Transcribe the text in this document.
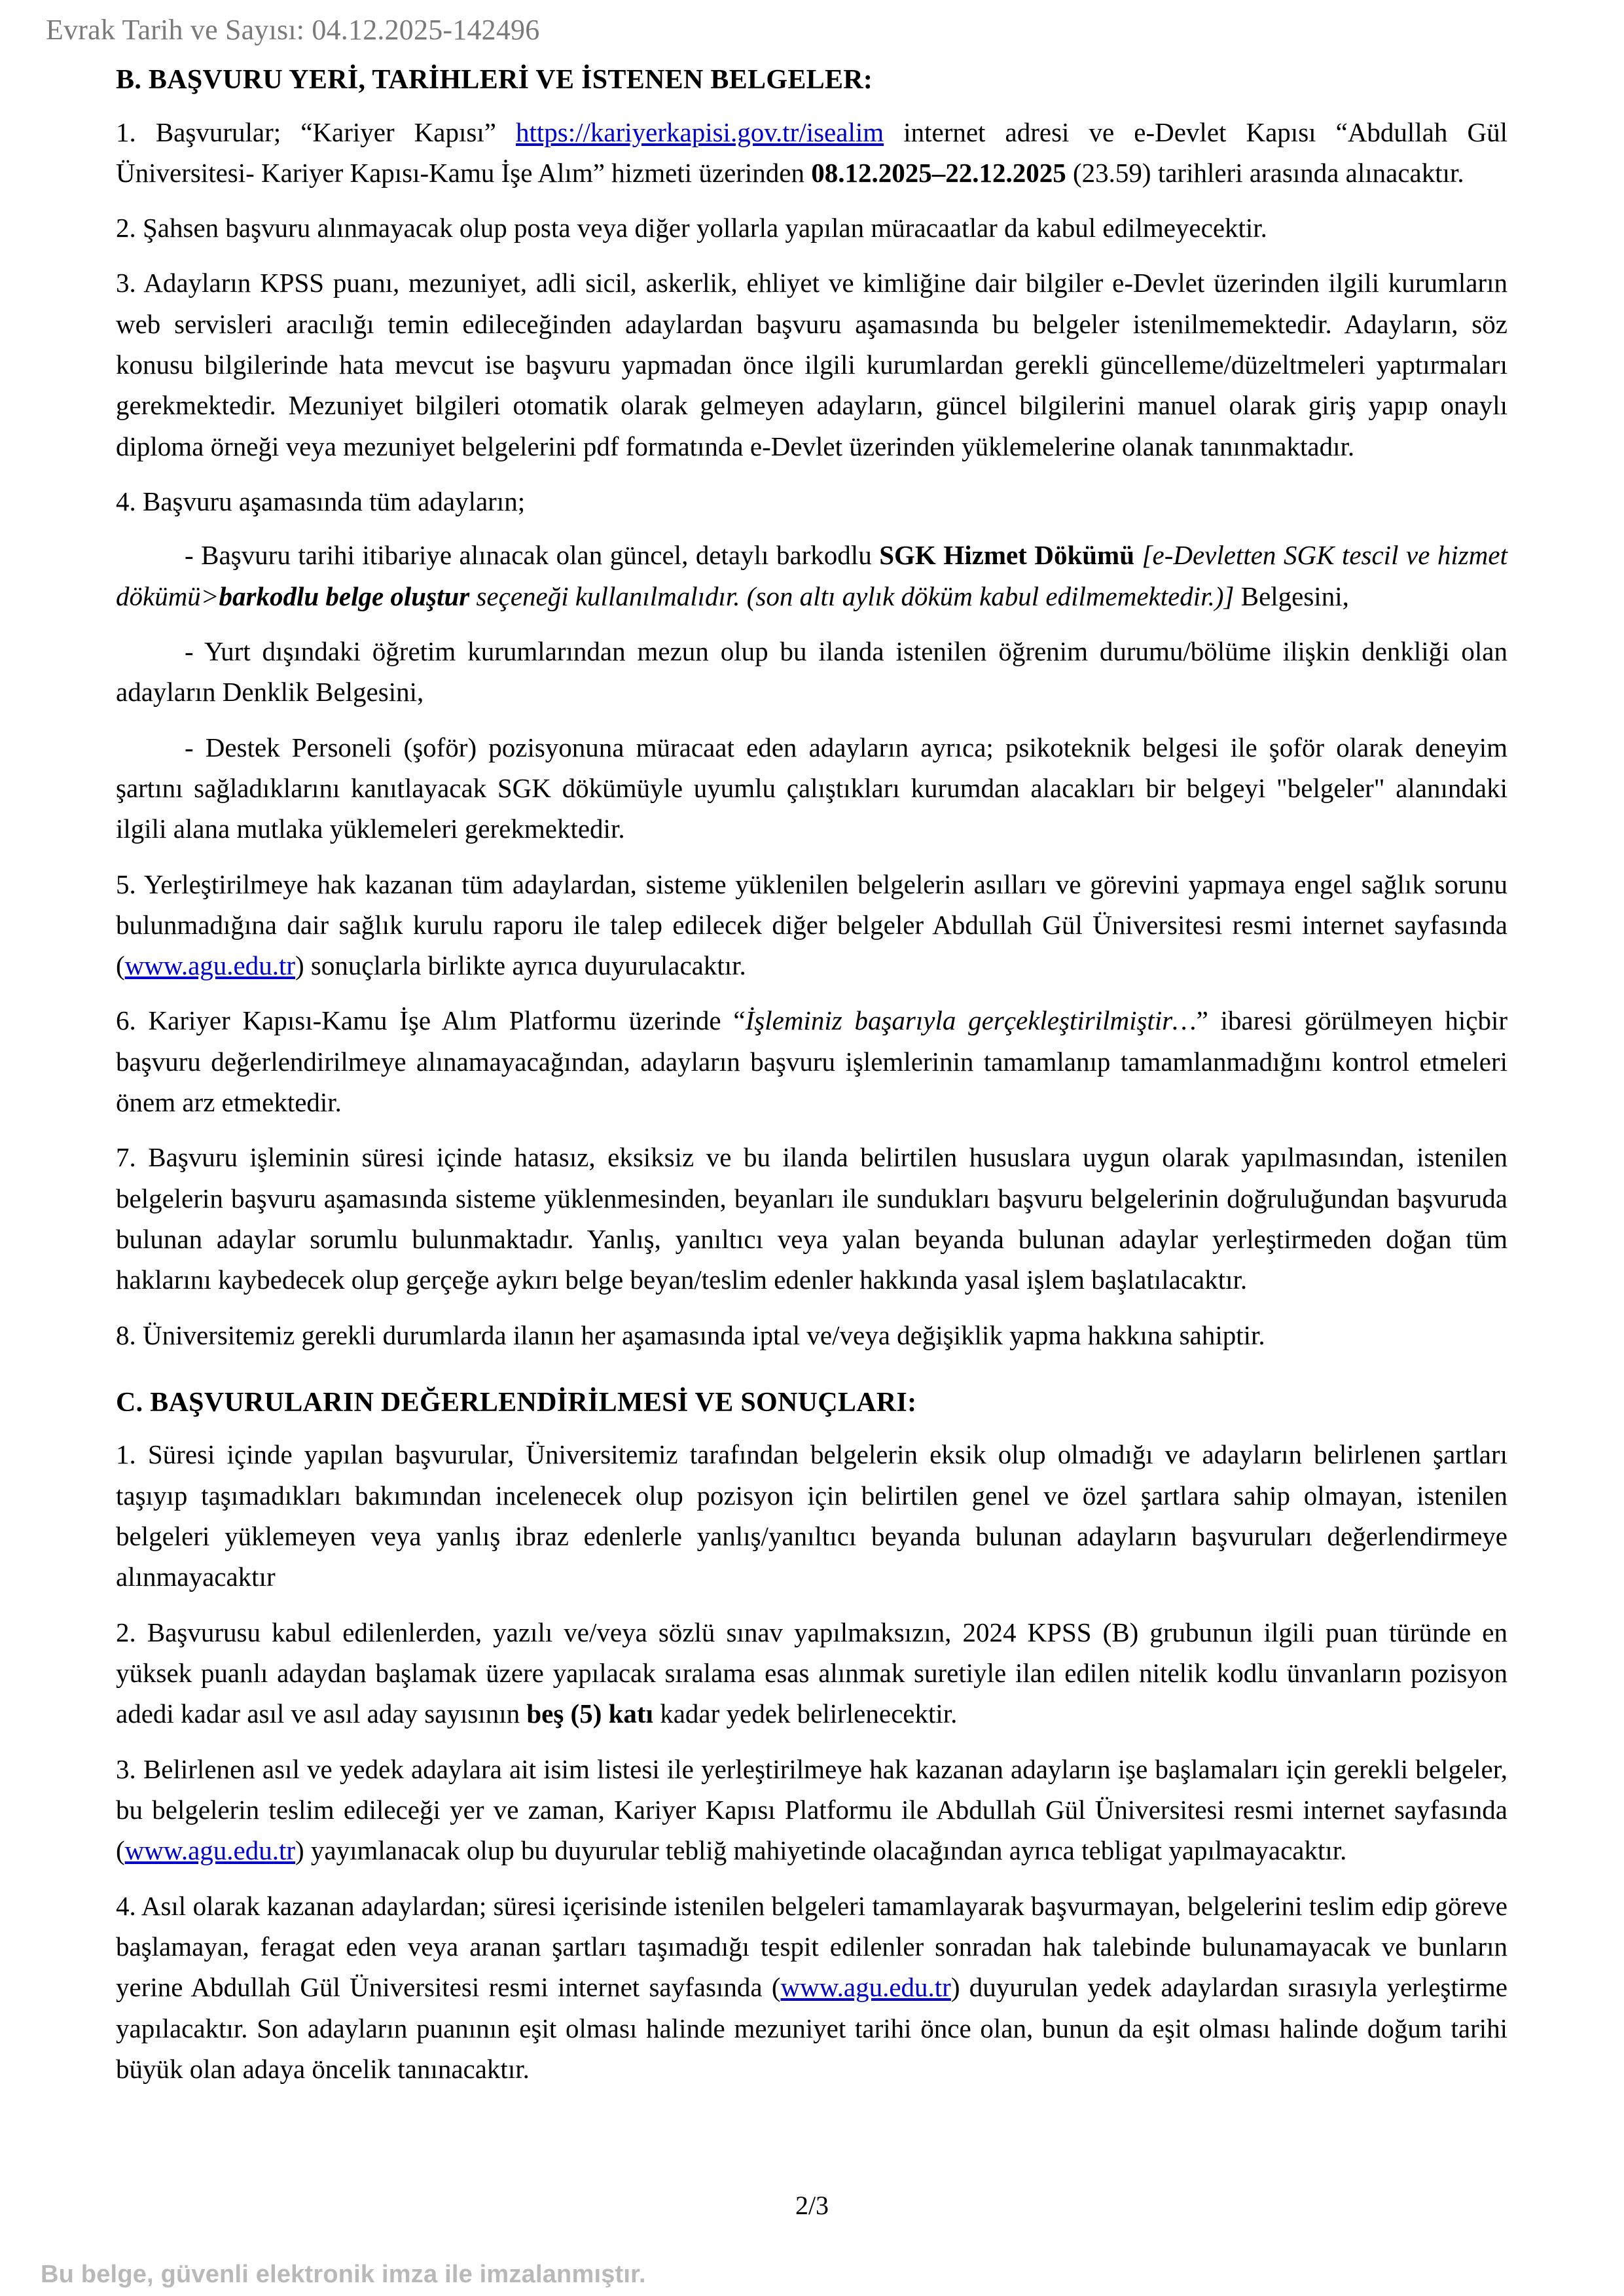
Evrak Tarih ve Sayısı: 04.12.2025-142496
B. BAŞVURU YERİ, TARİHLERİ VE İSTENEN BELGELER:

1. Başvurular; “Kariyer Kapısı” https://kariyerkapisi.gov.tr/isealim internet adresi ve e-Devlet Kapısı “Abdullah Gül Üniversitesi- Kariyer Kapısı-Kamu İşe Alım” hizmeti üzerinden 08.12.2025–22.12.2025 (23.59) tarihleri arasında alınacaktır.

2. Şahsen başvuru alınmayacak olup posta veya diğer yollarla yapılan müracaatlar da kabul edilmeyecektir.

3. Adayların KPSS puanı, mezuniyet, adli sicil, askerlik, ehliyet ve kimliğine dair bilgiler e-Devlet üzerinden ilgili kurumların web servisleri aracılığı temin edileceğinden adaylardan başvuru aşamasında bu belgeler istenilmemektedir. Adayların, söz konusu bilgilerinde hata mevcut ise başvuru yapmadan önce ilgili kurumlardan gerekli güncelleme/düzeltmeleri yaptırmaları gerekmektedir. Mezuniyet bilgileri otomatik olarak gelmeyen adayların, güncel bilgilerini manuel olarak giriş yapıp onaylı diploma örneği veya mezuniyet belgelerini pdf formatında e-Devlet üzerinden yüklemelerine olanak tanınmaktadır.

4. Başvuru aşamasında tüm adayların;

- Başvuru tarihi itibariye alınacak olan güncel, detaylı barkodlu SGK Hizmet Dökümü [e-Devletten SGK tescil ve hizmet dökümü>barkodlu belge oluştur seçeneği kullanılmalıdır. (son altı aylık döküm kabul edilmemektedir.)] Belgesini,

- Yurt dışındaki öğretim kurumlarından mezun olup bu ilanda istenilen öğrenim durumu/bölüme ilişkin denkliği olan adayların Denklik Belgesini,

- Destek Personeli (şoför) pozisyonuna müracaat eden adayların ayrıca; psikoteknik belgesi ile şoför olarak deneyim şartını sağladıklarını kanıtlayacak SGK dökümüyle uyumlu çalıştıkları kurumdan alacakları bir belgeyi "belgeler" alanındaki ilgili alana mutlaka yüklemeleri gerekmektedir.

5. Yerleştirilmeye hak kazanan tüm adaylardan, sisteme yüklenilen belgelerin asılları ve görevini yapmaya engel sağlık sorunu bulunmadığına dair sağlık kurulu raporu ile talep edilecek diğer belgeler Abdullah Gül Üniversitesi resmi internet sayfasında (www.agu.edu.tr) sonuçlarla birlikte ayrıca duyurulacaktır.

6. Kariyer Kapısı-Kamu İşe Alım Platformu üzerinde “İşleminiz başarıyla gerçekleştirilmiştir…” ibaresi görülmeyen hiçbir başvuru değerlendirilmeye alınamayacağından, adayların başvuru işlemlerinin tamamlanıp tamamlanmadığını kontrol etmeleri önem arz etmektedir.

7. Başvuru işleminin süresi içinde hatasız, eksiksiz ve bu ilanda belirtilen hususlara uygun olarak yapılmasından, istenilen belgelerin başvuru aşamasında sisteme yüklenmesinden, beyanları ile sundukları başvuru belgelerinin doğruluğundan başvuruda bulunan adaylar sorumlu bulunmaktadır. Yanlış, yanıltıcı veya yalan beyanda bulunan adaylar yerleştirmeden doğan tüm haklarını kaybedecek olup gerçeğe aykırı belge beyan/teslim edenler hakkında yasal işlem başlatılacaktır.

8. Üniversitemiz gerekli durumlarda ilanın her aşamasında iptal ve/veya değişiklik yapma hakkına sahiptir.

C. BAŞVURULARIN DEĞERLENDİRİLMESİ VE SONUÇLARI:

1. Süresi içinde yapılan başvurular, Üniversitemiz tarafından belgelerin eksik olup olmadığı ve adayların belirlenen şartları taşıyıp taşımadıkları bakımından incelenecek olup pozisyon için belirtilen genel ve özel şartlara sahip olmayan, istenilen belgeleri yüklemeyen veya yanlış ibraz edenlerle yanlış/yanıltıcı beyanda bulunan adayların başvuruları değerlendirmeye alınmayacaktır

2. Başvurusu kabul edilenlerden, yazılı ve/veya sözlü sınav yapılmaksızın, 2024 KPSS (B) grubunun ilgili puan türünde en yüksek puanlı adaydan başlamak üzere yapılacak sıralama esas alınmak suretiyle ilan edilen nitelik kodlu ünvanların pozisyon adedi kadar asıl ve asıl aday sayısının beş (5) katı kadar yedek belirlenecektir.

3. Belirlenen asıl ve yedek adaylara ait isim listesi ile yerleştirilmeye hak kazanan adayların işe başlamaları için gerekli belgeler, bu belgelerin teslim edileceği yer ve zaman, Kariyer Kapısı Platformu ile Abdullah Gül Üniversitesi resmi internet sayfasında (www.agu.edu.tr) yayımlanacak olup bu duyurular tebliğ mahiyetinde olacağından ayrıca tebligat yapılmayacaktır.

4. Asıl olarak kazanan adaylardan; süresi içerisinde istenilen belgeleri tamamlayarak başvurmayan, belgelerini teslim edip göreve başlamayan, feragat eden veya aranan şartları taşımadığı tespit edilenler sonradan hak talebinde bulunamayacak ve bunların yerine Abdullah Gül Üniversitesi resmi internet sayfasında (www.agu.edu.tr) duyurulan yedek adaylardan sırasıyla yerleştirme yapılacaktır. Son adayların puanının eşit olması halinde mezuniyet tarihi önce olan, bunun da eşit olması halinde doğum tarihi büyük olan adaya öncelik tanınacaktır.

2/3
Bu belge, güvenli elektronik imza ile imzalanmıştır.
